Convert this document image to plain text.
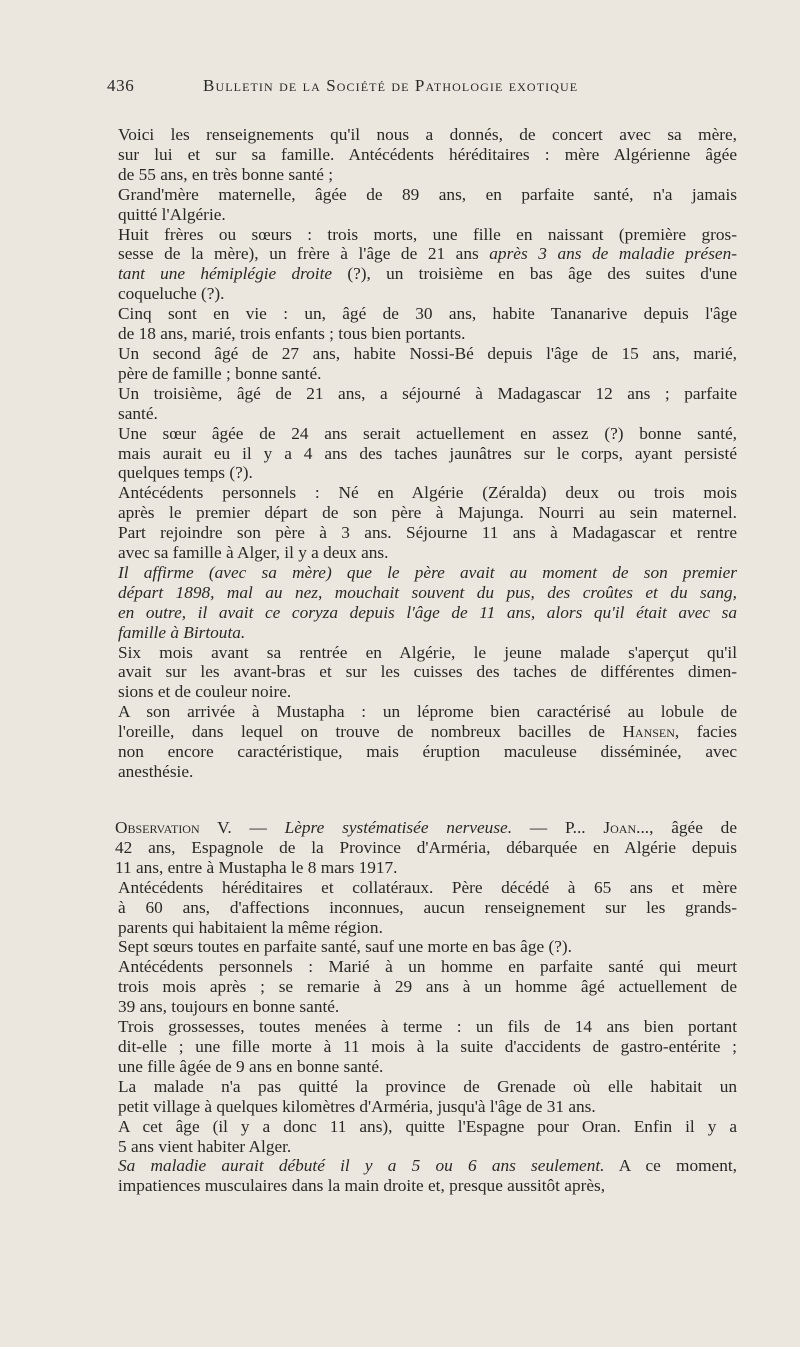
436	Bulletin de la Société de Pathologie exotique

Voici les renseignements qu'il nous a donnés, de concert avec sa mère,
sur lui et sur sa famille. Antécédents héréditaires : mère Algérienne âgée
de 55 ans, en très bonne santé ;

Grand'mère maternelle, âgée de 89 ans, en parfaite santé, n'a jamais
quitté l'Algérie.

Huit frères ou sœurs : trois morts, une fille en naissant (première gros-
sesse de la mère), un frère à l'âge de 21 ans après 3 ans de maladie présen-
tant une hémiplégie droite (?), un troisième en bas âge des suites d'une
coqueluche (?).

Cinq sont en vie : un, âgé de 30 ans, habite Tananarive depuis l'âge
de 18 ans, marié, trois enfants ; tous bien portants.

Un second âgé de 27 ans, habite Nossi-Bé depuis l'âge de 15 ans, marié,
père de famille ; bonne santé.

Un troisième, âgé de 21 ans, a séjourné à Madagascar 12 ans ; parfaite
santé.

Une sœur âgée de 24 ans serait actuellement en assez (?) bonne santé,
mais aurait eu il y a 4 ans des taches jaunâtres sur le corps, ayant persisté
quelques temps (?).

Antécédents personnels : Né en Algérie (Zéralda) deux ou trois mois
après le premier départ de son père à Majunga. Nourri au sein maternel.
Part rejoindre son père à 3 ans. Séjourne 11 ans à Madagascar et rentre
avec sa famille à Alger, il y a deux ans.

Il affirme (avec sa mère) que le père avait au moment de son premier
départ 1898, mal au nez, mouchait souvent du pus, des croûtes et du sang,
en outre, il avait ce coryza depuis l'âge de 11 ans, alors qu'il était avec sa
famille à Birtouta.

Six mois avant sa rentrée en Algérie, le jeune malade s'aperçut qu'il
avait sur les avant-bras et sur les cuisses des taches de différentes dimen-
sions et de couleur noire.

A son arrivée à Mustapha : un lépromе bien caractérisé au lobule de
l'oreille, dans lequel on trouve de nombreux bacilles de Hansen, facies
non encore caractéristique, mais éruption maculeuse disséminée, avec
anesthésie.

Observation V. — Lèpre systématisée nerveuse. — P... Joan..., âgée de
42 ans, Espagnole de la Province d'Arméria, débarquée en Algérie depuis
11 ans, entre à Mustapha le 8 mars 1917.

Antécédents héréditaires et collatéraux. Père décédé à 65 ans et mère
à 60 ans, d'affections inconnues, aucun renseignement sur les grands-
parents qui habitaient la même région.

Sept sœurs toutes en parfaite santé, sauf une morte en bas âge (?).

Antécédents personnels : Marié à un homme en parfaite santé qui meurt
trois mois après ; se remarie à 29 ans à un homme âgé actuellement de
39 ans, toujours en bonne santé.

Trois grossesses, toutes menées à terme : un fils de 14 ans bien portant
dit-elle ; une fille morte à 11 mois à la suite d'accidents de gastro-entérite ;
une fille âgée de 9 ans en bonne santé.

La malade n'a pas quitté la province de Grenade où elle habitait un
petit village à quelques kilomètres d'Arméria, jusqu'à l'âge de 31 ans.

A cet âge (il y a donc 11 ans), quitte l'Espagne pour Oran. Enfin il y a
5 ans vient habiter Alger.

Sa maladie aurait débuté il y a 5 ou 6 ans seulement. A ce moment,
impatiences musculaires dans la main droite et, presque aussitôt après,
